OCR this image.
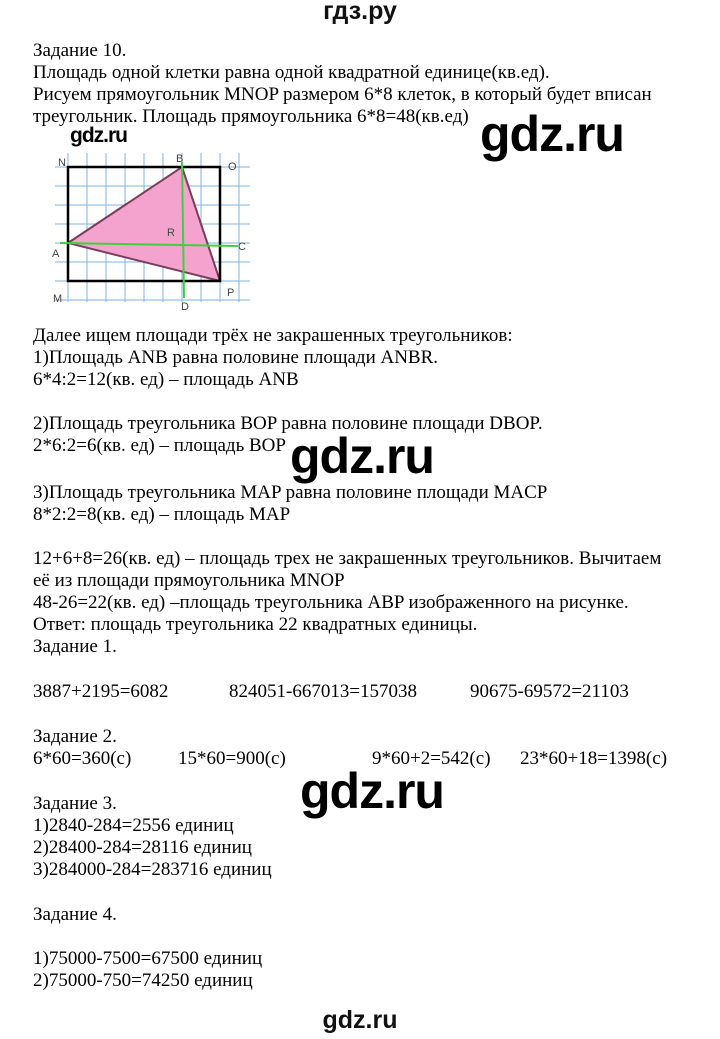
гдз.ру
Задание 10.
Площадь одной клетки равна одной квадратной единице(кв.ед).
Рисуем прямоугольник MNOP размером 6*8 клеток, в который будет вписан
треугольник. Площадь прямоугольника 6*8=48(кв.ед) gdz.ru
gdz.ru
N	B
O
R
A
C
M
D
P
Далее ищем площади трёх не закрашенных треугольников:
1)Площадь ANB равна половине площади ANBR.
6*4:2=12(кв. ед) – площадь ANB
2)Площадь треугольника BOP равна половине площади DBOP.
2*6:2=6(кв. ед) – площадь BOP gdz.ru
3)Площадь треугольника MAP равна половине площади MACP
8*2:2=8(кв. ед) – площадь MAP
12+6+8=26(кв. ед) – площадь трех не закрашенных треугольников. Вычитаем
её из площади прямоугольника MNOP
48-26=22(кв. ед) –площадь треугольника ABP изображенного на рисунке.
Ответ: площадь треугольника 22 квадратных единицы.
Задание 1.
3887+2195=6082	824051-667013=157038	90675-69572=21103
Задание 2.
6*60=360(с) 15*60=900(с)	9*60+2=542(с) 23*60+18=1398(с)
gdz.ru
Задание 3.
1)2840-284=2556 единиц
2)28400-284=28116 единиц
3)284000-284=283716 единиц
Задание 4.
1)75000-7500=67500 единиц
2)75000-750=74250 единиц
gdz.ru
